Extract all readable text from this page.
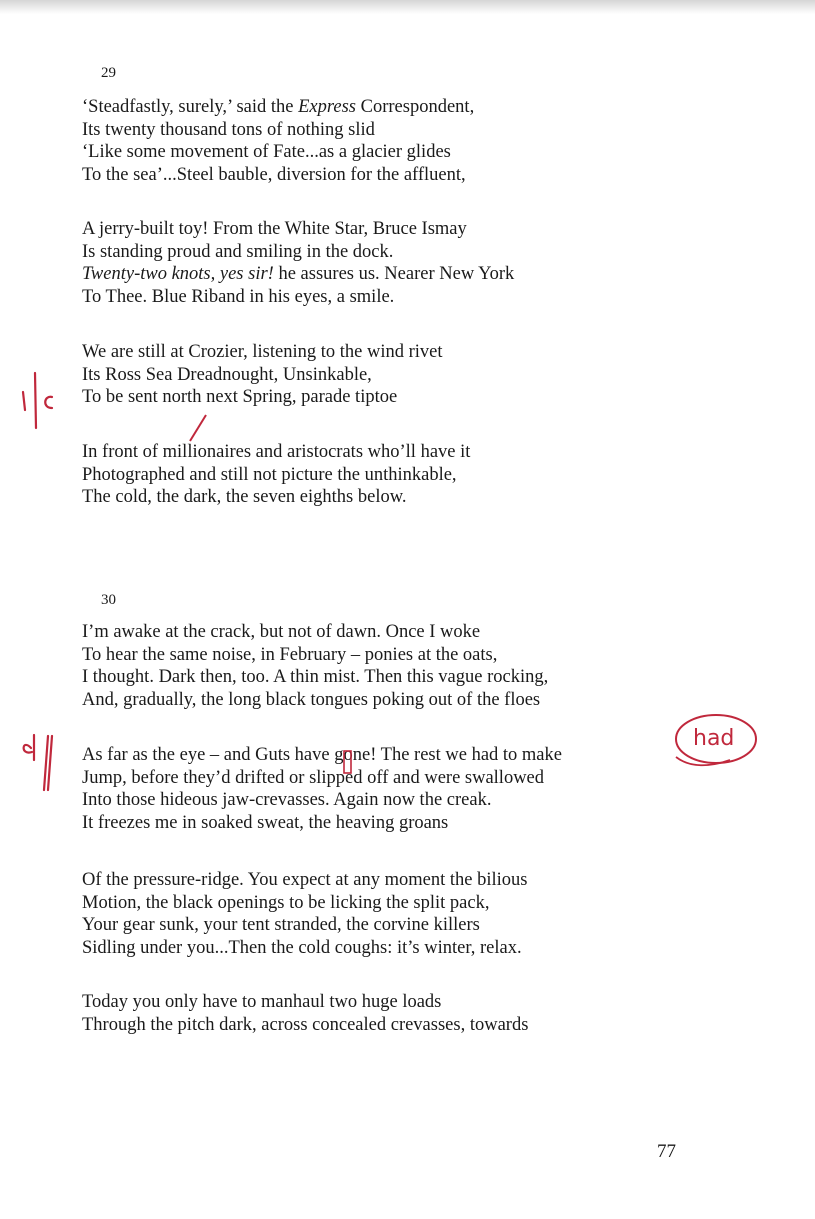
29
‘Steadfastly, surely,’ said the Express Correspondent,
Its twenty thousand tons of nothing slid
‘Like some movement of Fate...as a glacier glides
To the sea’...Steel bauble, diversion for the affluent,
A jerry-built toy! From the White Star, Bruce Ismay
Is standing proud and smiling in the dock.
Twenty-two knots, yes sir! he assures us. Nearer New York
To Thee. Blue Riband in his eyes, a smile.
We are still at Crozier, listening to the wind rivet
Its Ross Sea Dreadnought, Unsinkable,
To be sent north next Spring, parade tiptoe
In front of millionaires and aristocrats who’ll have it
Photographed and still not picture the unthinkable,
The cold, the dark, the seven eighths below.
30
I’m awake at the crack, but not of dawn. Once I woke
To hear the same noise, in February – ponies at the oats,
I thought. Dark then, too. A thin mist. Then this vague rocking,
And, gradually, the long black tongues poking out of the floes
As far as the eye – and Guts have gone! The rest we had to make
Jump, before they’d drifted or slipped off and were swallowed
Into those hideous jaw-crevasses. Again now the creak.
It freezes me in soaked sweat, the heaving groans
Of the pressure-ridge. You expect at any moment the bilious
Motion, the black openings to be licking the split pack,
Your gear sunk, your tent stranded, the corvine killers
Sidling under you...Then the cold coughs: it’s winter, relax.
Today you only have to manhaul two huge loads
Through the pitch dark, across concealed crevasses, towards
had
77
